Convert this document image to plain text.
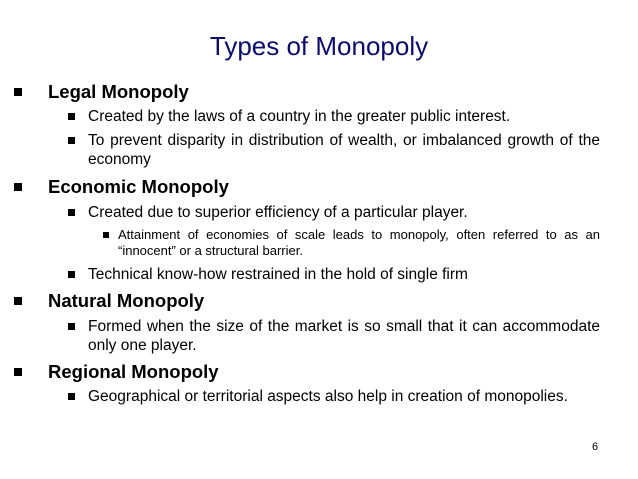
Types of Monopoly
Legal Monopoly
Created by the laws of a country in the greater public interest.
To prevent disparity in distribution of wealth, or imbalanced growth of the economy
Economic Monopoly
Created due to superior efficiency of a particular player.
Attainment of economies of scale leads to monopoly, often referred to as an “innocent” or a structural barrier.
Technical know-how restrained in the hold of single firm
Natural Monopoly
Formed when the size of the market is so small that it can accommodate only one player.
Regional Monopoly
Geographical or territorial aspects also help in creation of monopolies.
6
